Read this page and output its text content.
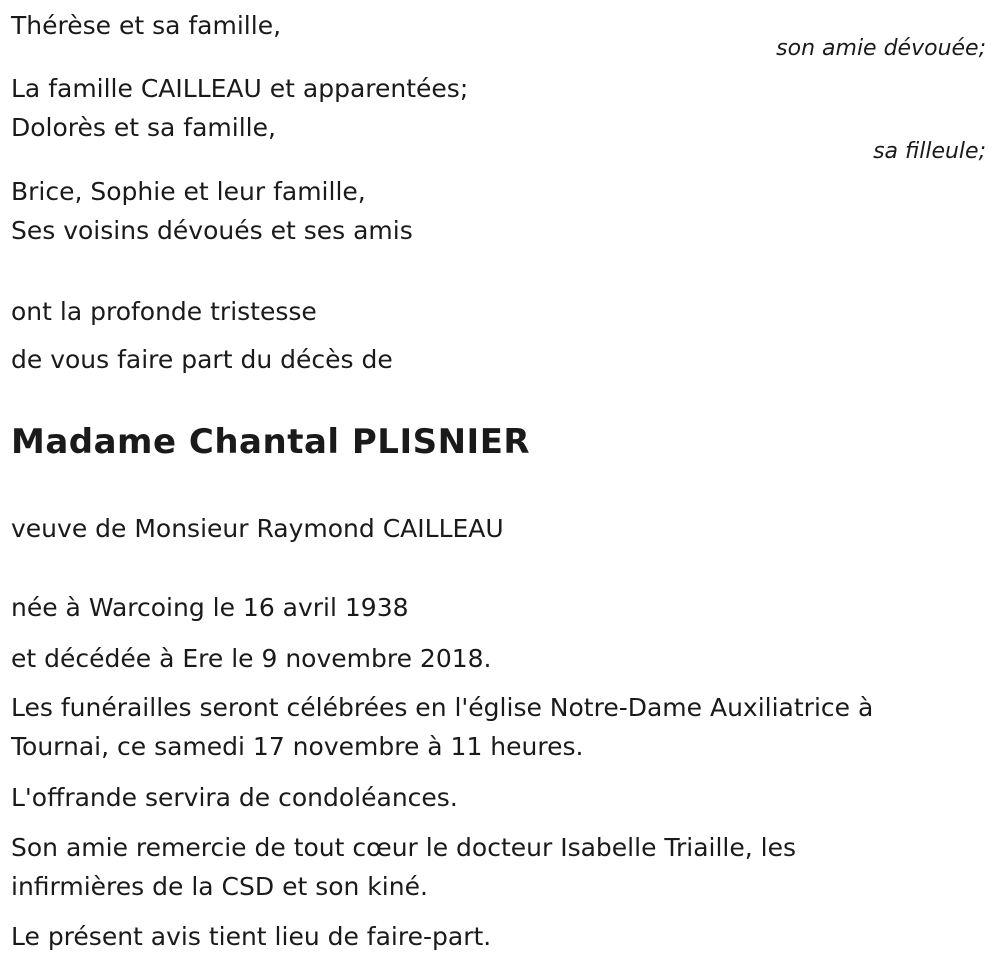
Thérèse et sa famille,
son amie dévouée;
La famille CAILLEAU et apparentées;
Dolorès et sa famille,
sa filleule;
Brice, Sophie et leur famille,
Ses voisins dévoués et ses amis
ont la profonde tristesse
de vous faire part du décès de
Madame Chantal PLISNIER
veuve de Monsieur Raymond CAILLEAU
née à Warcoing le 16 avril 1938
et décédée à Ere le 9 novembre 2018.
Les funérailles seront célébrées en l'église Notre-Dame Auxiliatrice à
Tournai, ce samedi 17 novembre à 11 heures.
L'offrande servira de condoléances.
Son amie remercie de tout cœur le docteur Isabelle Triaille, les
infirmières de la CSD et son kiné.
Le présent avis tient lieu de faire-part.
